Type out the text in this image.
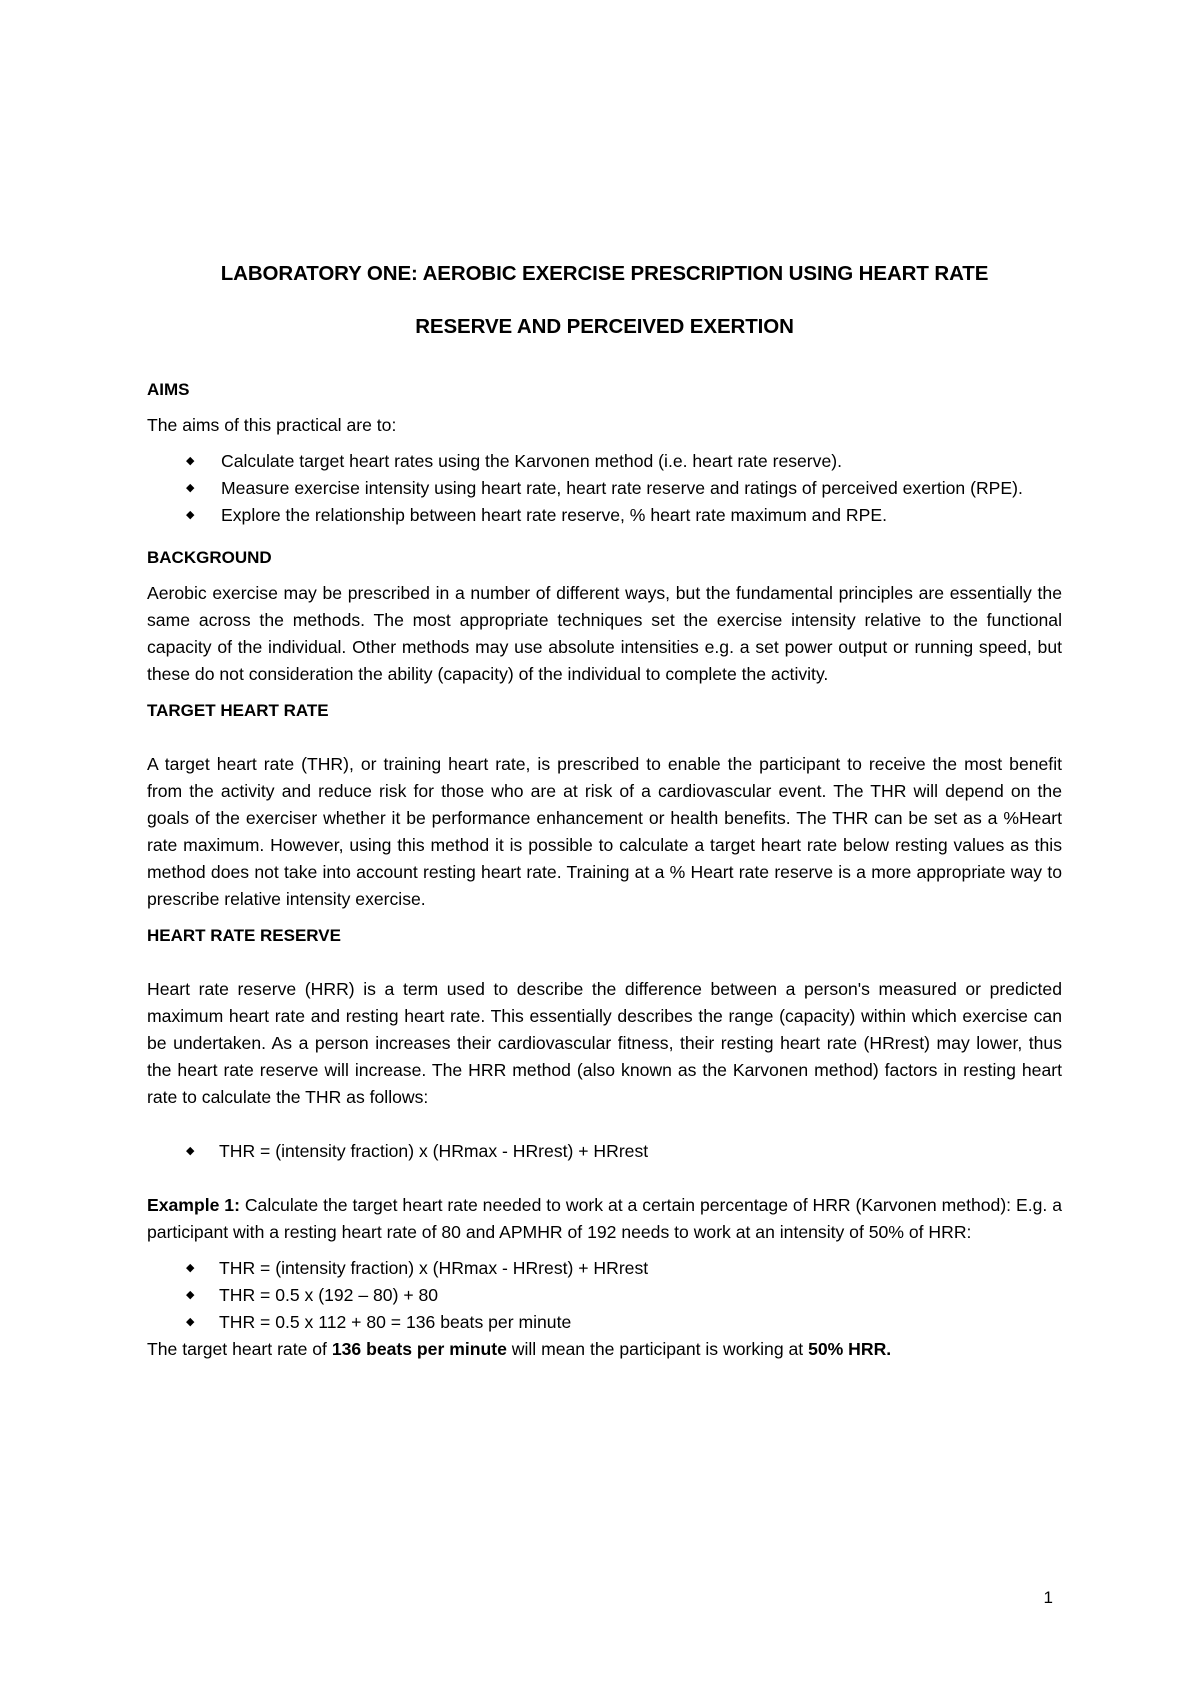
LABORATORY ONE: AEROBIC EXERCISE PRESCRIPTION USING HEART RATE
RESERVE AND PERCEIVED EXERTION
AIMS

The aims of this practical are to:

◆ Calculate target heart rates using the Karvonen method (i.e. heart rate reserve).
◆ Measure exercise intensity using heart rate, heart rate reserve and ratings of perceived exertion (RPE).
◆ Explore the relationship between heart rate reserve, % heart rate maximum and RPE.
BACKGROUND

Aerobic exercise may be prescribed in a number of different ways, but the fundamental principles are essentially the same across the methods. The most appropriate techniques set the exercise intensity relative to the functional capacity of the individual. Other methods may use absolute intensities e.g. a set power output or running speed, but these do not consideration the ability (capacity) of the individual to complete the activity.

TARGET HEART RATE

A target heart rate (THR), or training heart rate, is prescribed to enable the participant to receive the most benefit from the activity and reduce risk for those who are at risk of a cardiovascular event. The THR will depend on the goals of the exerciser whether it be performance enhancement or health benefits. The THR can be set as a %Heart rate maximum. However, using this method it is possible to calculate a target heart rate below resting values as this method does not take into account resting heart rate. Training at a % Heart rate reserve is a more appropriate way to prescribe relative intensity exercise.

HEART RATE RESERVE

Heart rate reserve (HRR) is a term used to describe the difference between a person's measured or predicted maximum heart rate and resting heart rate. This essentially describes the range (capacity) within which exercise can be undertaken. As a person increases their cardiovascular fitness, their resting heart rate (HRrest) may lower, thus the heart rate reserve will increase. The HRR method (also known as the Karvonen method) factors in resting heart rate to calculate the THR as follows:

◆ THR = (intensity fraction) x (HRmax - HRrest) + HRrest

Example 1: Calculate the target heart rate needed to work at a certain percentage of HRR (Karvonen method): E.g. a participant with a resting heart rate of 80 and APMHR of 192 needs to work at an intensity of 50% of HRR:

◆ THR = (intensity fraction) x (HRmax - HRrest) + HRrest
◆ THR = 0.5 x (192 – 80) + 80
◆ THR = 0.5 x 112 + 80 = 136 beats per minute

The target heart rate of 136 beats per minute will mean the participant is working at 50% HRR.

1
